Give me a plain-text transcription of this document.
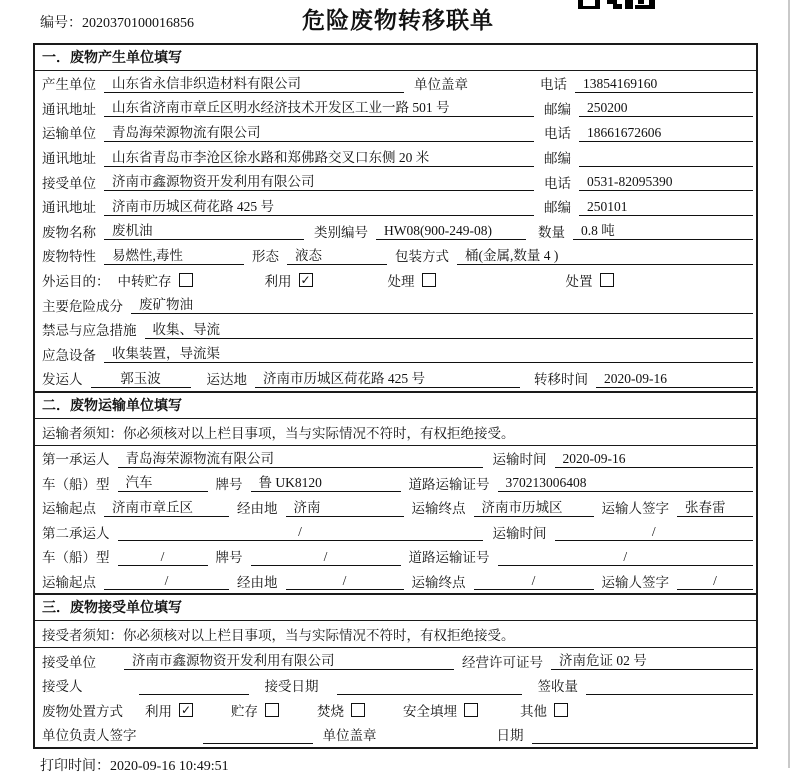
编号：2020370100016856	危险废物转移联单
一．废物产生单位填写
产生单位	山东省永信非织造材料有限公司	单位盖章	电话	13854169160
通讯地址	山东省济南市章丘区明水经济技术开发区工业一路 501 号	邮编	250200
运输单位	青岛海荣源物流有限公司	电话	18661672606
通讯地址	山东省青岛市李沧区徐水路和郑佛路交叉口东侧 20 米	邮编
接受单位	济南市鑫源物资开发利用有限公司	电话	0531-82095390
通讯地址	济南市历城区荷花路 425 号	邮编	250101
废物名称	废机油	类别编号	HW08(900-249-08)	数量	0.8 吨
废物特性	易燃性,毒性	形态	液态	包装方式	桶(金属,数量 4 )
外运目的： 中转贮存	利用 ✓	处理	处置
主要危险成分	废矿物油
禁忌与应急措施	收集、导流
应急设备	收集装置，导流渠
发运人	郭玉波	运达地	济南市历城区荷花路 425 号	转移时间	2020-09-16
二．废物运输单位填写
运输者须知：你必须核对以上栏目事项，当与实际情况不符时，有权拒绝接受。
第一承运人	青岛海荣源物流有限公司	运输时间	2020-09-16
车（船）型	汽车	牌号	鲁 UK8120	道路运输证号	370213006408
运输起点	济南市章丘区	经由地	济南	运输终点	济南市历城区	运输人签字	张春雷
第二承运人	/	运输时间	/
车（船）型	/	牌号	/	道路运输证号	/
运输起点	/	经由地	/	运输终点	/	运输人签字	/
三．废物接受单位填写
接受者须知：你必须核对以上栏目事项，当与实际情况不符时，有权拒绝接受。
接受单位	济南市鑫源物资开发利用有限公司	经营许可证号	济南危证 02 号
接受人	接受日期	签收量
废物处置方式 利用 ✓	贮存	焚烧	安全填埋	其他
单位负责人签字	单位盖章	日期
打印时间：2020-09-16 10:49:51
